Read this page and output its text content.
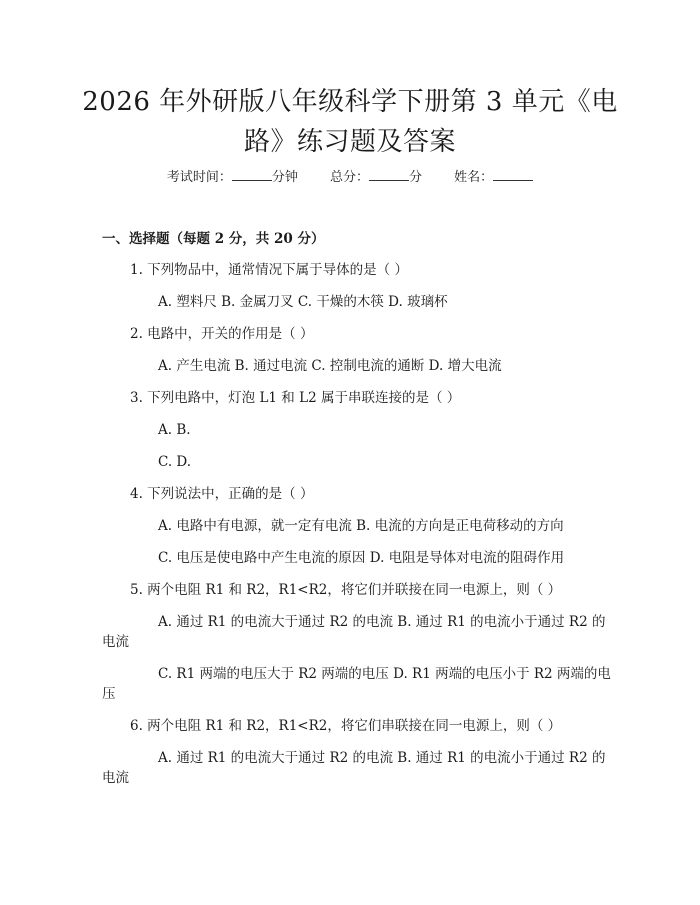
2026 年外研版八年级科学下册第 3 单元《电
路》练习题及答案
考试时间：	分钟 总分：	分 姓名：
一、选择题（每题 2 分，共 20 分）
1. 下列物品中，通常情况下属于导体的是（ ）
A. 塑料尺 B. 金属刀叉 C. 干燥的木筷 D. 玻璃杯
2. 电路中，开关的作用是（ ）
A. 产生电流 B. 通过电流 C. 控制电流的通断 D. 增大电流
3. 下列电路中，灯泡 L1 和 L2 属于串联连接的是（ ）
A. B.
C. D.
4. 下列说法中，正确的是（ ）
A. 电路中有电源，就一定有电流 B. 电流的方向是正电荷移动的方向
C. 电压是使电路中产生电流的原因 D. 电阻是导体对电流的阻碍作用
5. 两个电阻 R1 和 R2，R1<R2，将它们并联接在同一电源上，则（ ）
A. 通过 R1 的电流大于通过 R2 的电流 B. 通过 R1 的电流小于通过 R2 的
电流
C. R1 两端的电压大于 R2 两端的电压 D. R1 两端的电压小于 R2 两端的电
压
6. 两个电阻 R1 和 R2，R1<R2，将它们串联接在同一电源上，则（ ）
A. 通过 R1 的电流大于通过 R2 的电流 B. 通过 R1 的电流小于通过 R2 的
电流
